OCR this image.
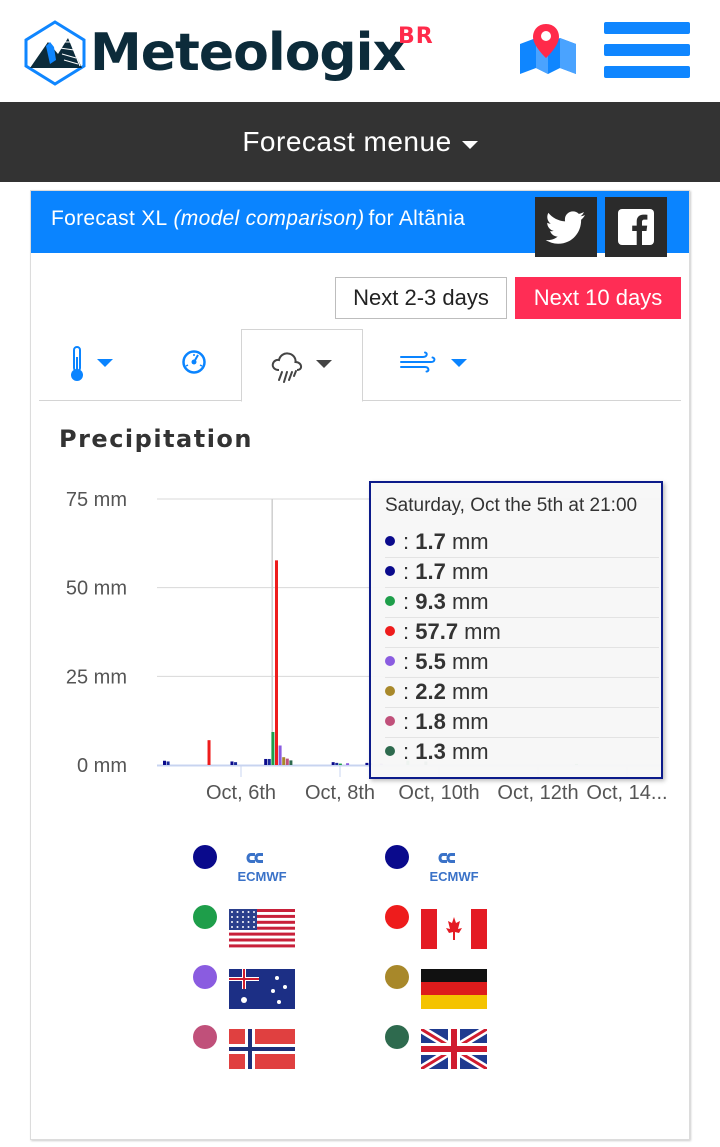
Meteologix
BR
Forecast menue
Forecast XL (model comparison) for Altãnia
Next 2-3 days	Next 10 days
Precipitation
75 mm
50 mm
25 mm
0 mm
Oct, 6th Oct, 8th Oct, 10th Oct, 12th Oct, 14...
Saturday, Oct the 5th at 21:00
: 1.7 mm
: 1.7 mm
: 9.3 mm
: 57.7 mm
: 5.5 mm
: 2.2 mm
: 1.8 mm
: 1.3 mm
ECMWF	ECMWF
